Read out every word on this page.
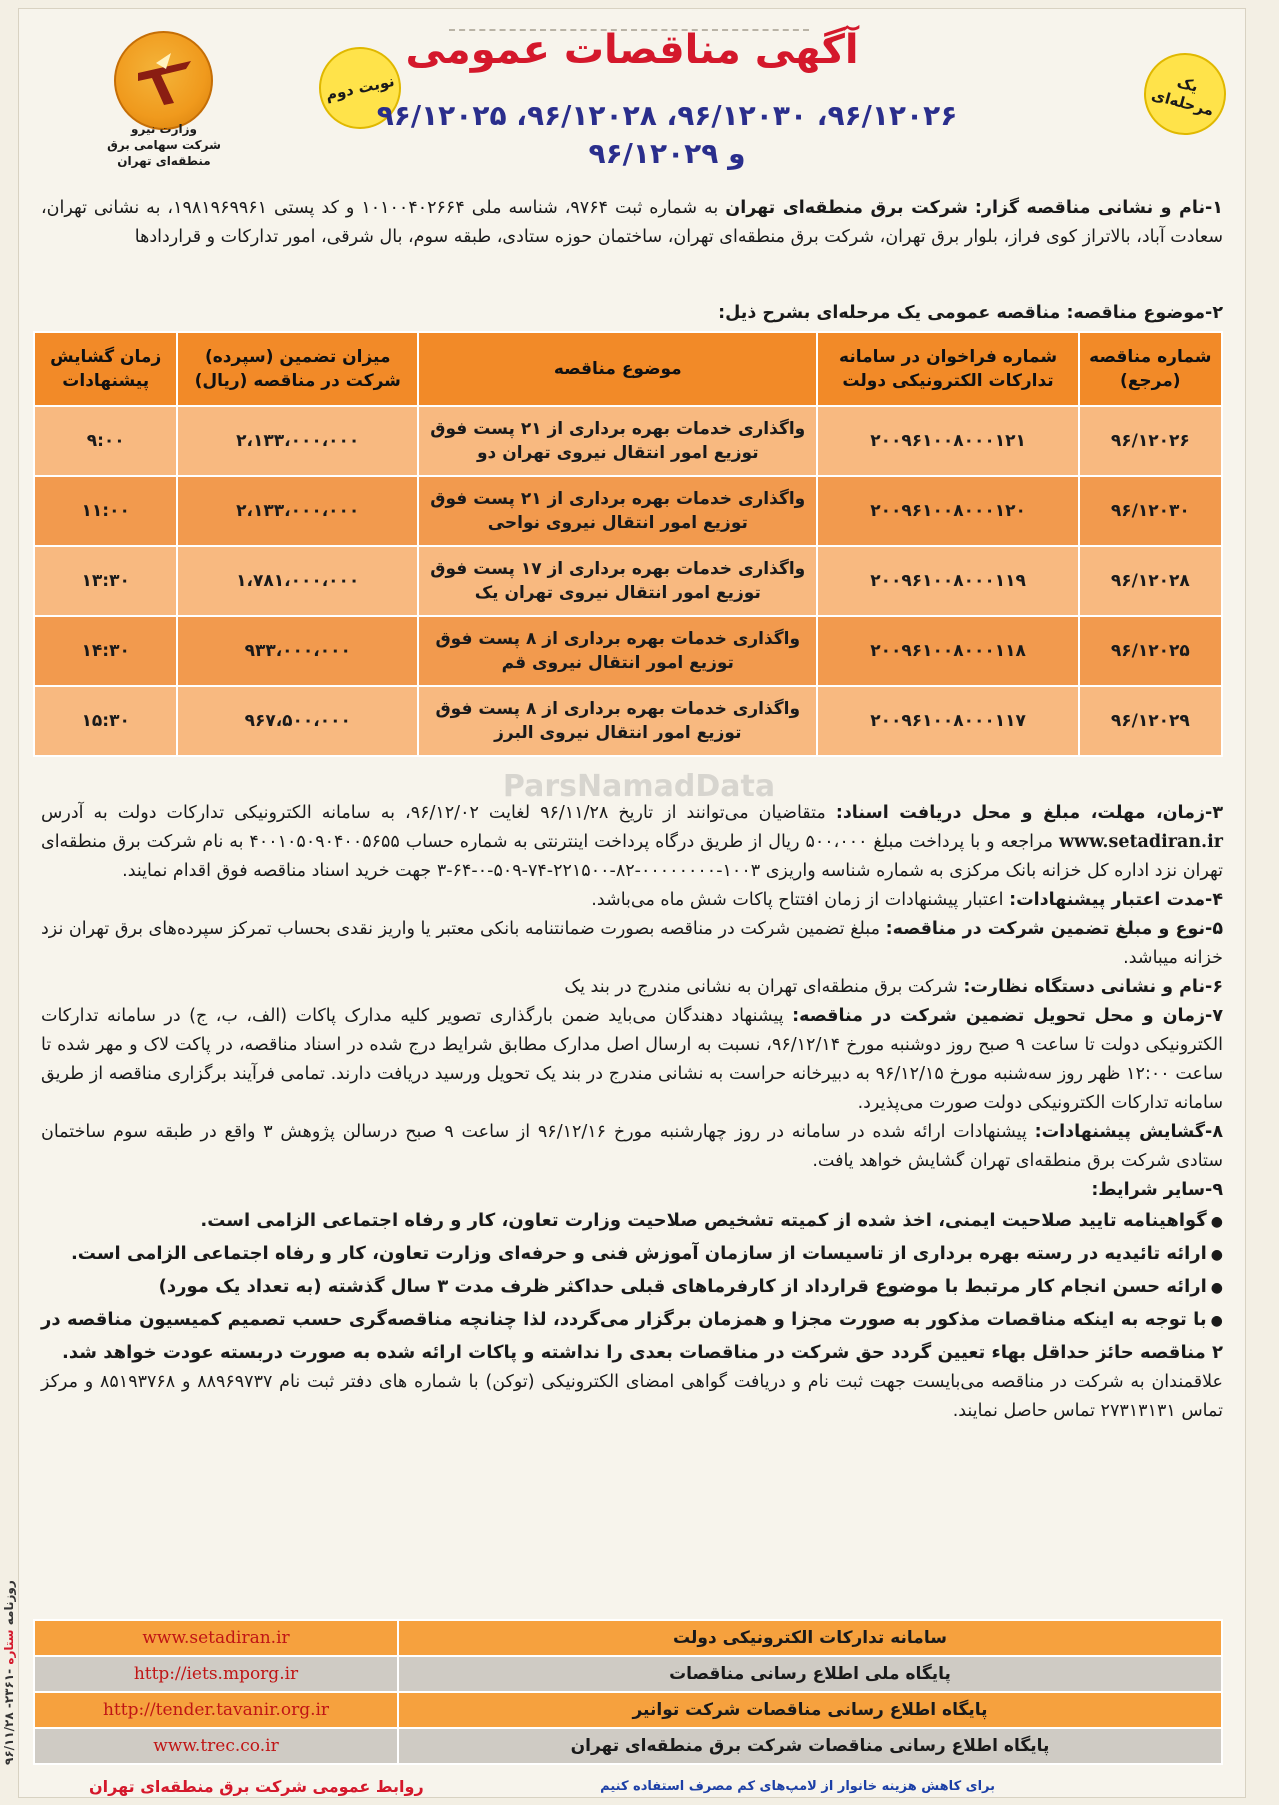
وزارت نیرو
شرکت سهامی برق منطقه‌ای تهران
نوبت دوم	یک مرحله‌ای
آگهی مناقصات عمومی
۹۶/۱۲۰۲۶، ۹۶/۱۲۰۳۰، ۹۶/۱۲۰۲۸، ۹۶/۱۲۰۲۵
و ۹۶/۱۲۰۲۹
۱-نام و نشانی مناقصه گزار: شرکت برق منطقه‌ای تهران به شماره ثبت ۹۷۶۴، شناسه ملی ۱۰۱۰۰۴۰۲۶۶۴ و کد پستی ۱۹۸۱۹۶۹۹۶۱، به نشانی تهران، سعادت آباد، بالاتراز کوی فراز، بلوار برق تهران، شرکت برق منطقه‌ای تهران، ساختمان حوزه ستادی، طبقه سوم، بال شرقی، امور تدارکات و قراردادها
۲-موضوع مناقصه: مناقصه عمومی یک مرحله‌ای بشرح ذیل:
شماره مناقصه (مرجع)	شماره فراخوان در سامانه تدارکات الکترونیکی دولت	موضوع مناقصه	میزان تضمین (سپرده) شرکت در مناقصه (ریال)	زمان گشایش پیشنهادات
۹۶/۱۲۰۲۶	۲۰۰۹۶۱۰۰۸۰۰۰۱۲۱	واگذاری خدمات بهره برداری از ۲۱ پست فوق توزیع امور انتقال نیروی تهران دو	۲،۱۳۳،۰۰۰،۰۰۰	۹:۰۰
۹۶/۱۲۰۳۰	۲۰۰۹۶۱۰۰۸۰۰۰۱۲۰	واگذاری خدمات بهره برداری از ۲۱ پست فوق توزیع امور انتقال نیروی نواحی	۲،۱۳۳،۰۰۰،۰۰۰	۱۱:۰۰
۹۶/۱۲۰۲۸	۲۰۰۹۶۱۰۰۸۰۰۰۱۱۹	واگذاری خدمات بهره برداری از ۱۷ پست فوق توزیع امور انتقال نیروی تهران یک	۱،۷۸۱،۰۰۰،۰۰۰	۱۳:۳۰
۹۶/۱۲۰۲۵	۲۰۰۹۶۱۰۰۸۰۰۰۱۱۸	واگذاری خدمات بهره برداری از ۸ پست فوق توزیع امور انتقال نیروی قم	۹۳۳،۰۰۰،۰۰۰	۱۴:۳۰
۹۶/۱۲۰۲۹	۲۰۰۹۶۱۰۰۸۰۰۰۱۱۷	واگذاری خدمات بهره برداری از ۸ پست فوق توزیع امور انتقال نیروی البرز	۹۶۷،۵۰۰،۰۰۰	۱۵:۳۰
ParsNamadData

۳-زمان، مهلت، مبلغ و محل دریافت اسناد: متقاضیان می‌توانند از تاریخ ۹۶/۱۱/۲۸ لغایت ۹۶/۱۲/۰۲، به سامانه الکترونیکی تدارکات دولت به آدرس www.setadiran.ir مراجعه و با پرداخت مبلغ ۵۰۰،۰۰۰ ریال از طریق درگاه پرداخت اینترنتی به شماره حساب ۴۰۰۱۰۵۰۹۰۴۰۰۵۶۵۵ به نام شرکت برق منطقه‌ای تهران نزد اداره کل خزانه بانک مرکزی به شماره شناسه واریزی ۱۰۰۳-۰۰۰۰۰۰۰۰-۸۲-۲۲۱۵۰۰-۷۴-۵۰۹-۰-۶۴-۳ جهت خرید اسناد مناقصه فوق اقدام نمایند.

۴-مدت اعتبار پیشنهادات: اعتبار پیشنهادات از زمان افتتاح پاکات شش ماه می‌باشد.

۵-نوع و مبلغ تضمین شرکت در مناقصه: مبلغ تضمین شرکت در مناقصه بصورت ضمانتنامه بانکی معتبر یا واریز نقدی بحساب تمرکز سپرده‌های برق تهران نزد خزانه میباشد.

۶-نام و نشانی دستگاه نظارت: شرکت برق منطقه‌ای تهران به نشانی مندرج در بند یک

۷-زمان و محل تحویل تضمین شرکت در مناقصه: پیشنهاد دهندگان می‌باید ضمن بارگذاری تصویر کلیه مدارک پاکات (الف، ب، ج) در سامانه تدارکات الکترونیکی دولت تا ساعت ۹ صبح روز دوشنبه مورخ ۹۶/۱۲/۱۴، نسبت به ارسال اصل مدارک مطابق شرایط درج شده در اسناد مناقصه، در پاکت لاک و مهر شده تا ساعت ۱۲:۰۰ ظهر روز سه‌شنبه مورخ ۹۶/۱۲/۱۵ به دبیرخانه حراست به نشانی مندرج در بند یک تحویل ورسید دریافت دارند. تمامی فرآیند برگزاری مناقصه از طریق سامانه تدارکات الکترونیکی دولت صورت می‌پذیرد.

۸-گشایش پیشنهادات: پیشنهادات ارائه شده در سامانه در روز چهارشنبه مورخ ۹۶/۱۲/۱۶ از ساعت ۹ صبح درسالن پژوهش ۳ واقع در طبقه سوم ساختمان ستادی شرکت برق منطقه‌ای تهران گشایش خواهد یافت.

۹-سایر شرایط:

● گواهینامه تایید صلاحیت ایمنی، اخذ شده از کمیته تشخیص صلاحیت وزارت تعاون، کار و رفاه اجتماعی الزامی است.

● ارائه تائیدیه در رسته بهره برداری از تاسیسات از سازمان آموزش فنی و حرفه‌ای وزارت تعاون، کار و رفاه اجتماعی الزامی است.

● ارائه حسن انجام کار مرتبط با موضوع قرارداد از کارفرماهای قبلی حداکثر ظرف مدت ۳ سال گذشته (به تعداد یک مورد)

● با توجه به اینکه مناقصات مذکور به صورت مجزا و همزمان برگزار می‌گردد، لذا چنانچه مناقصه‌گری حسب تصمیم کمیسیون مناقصه در ۲ مناقصه حائز حداقل بهاء تعیین گردد حق شرکت در مناقصات بعدی را نداشته و پاکات ارائه شده به صورت دربسته عودت خواهد شد.

علاقمندان به شرکت در مناقصه می‌بایست جهت ثبت نام و دریافت گواهی امضای الکترونیکی (توکن) با شماره های دفتر ثبت نام ۸۸۹۶۹۷۳۷ و ۸۵۱۹۳۷۶۸ و مرکز تماس ۲۷۳۱۳۱۳۱ تماس حاصل نمایند.

سامانه تدارکات الکترونیکی دولت	www.setadiran.ir
پایگاه ملی اطلاع رسانی مناقصات	http://iets.mporg.ir
پایگاه اطلاع رسانی مناقصات شرکت توانیر	http://tender.tavanir.org.ir
پایگاه اطلاع رسانی مناقصات شرکت برق منطقه‌ای تهران	www.trec.co.ir
روابط عمومی شرکت برق منطقه‌ای تهران	برای کاهش هزینه خانوار از لامپ‌های کم مصرف استفاده کنیم
روزنامه ستاره -۲۳۶۱- ۹۶/۱۱/۲۸
